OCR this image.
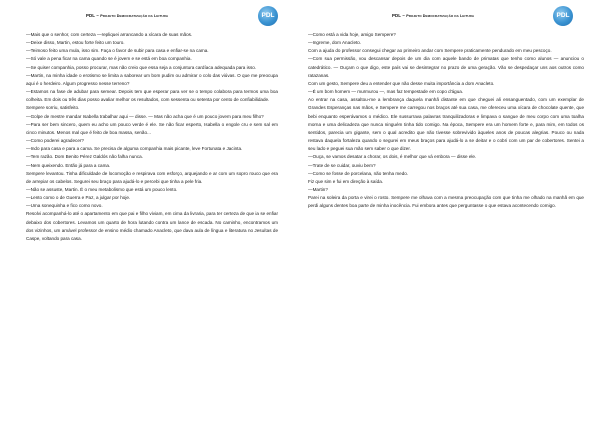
PDL – Projeto Democratização da Leitura	PDL

—Mais que o senhor, com certeza —repliquei arrancando a xícara de suas mãos.

—Deixe disso, Martin, estou forte feito um touro.

—Teimoso feito uma mula, isso sim. Faça o favor de subir para casa e enfiar-se na cama.

—Só vale a pena ficar na cama quando se é jovem e se está em boa companhia.

—Se quiser companhia, posso procurar, mas não creio que essa seja a conjuntura cardíaca adequada para isso.

—Martin, na minha idade o erotismo se limita a saborear um bom pudim ou admirar o colo das viúvas. O que me preocupa aqui é o herdeiro. Algum progresso nesse terreno?

—Estamos na fase de adubar para semear. Depois tem que esperar para ver se o tempo colabora para termos uma boa colheita. Em dois ou três dias posso avaliar melhor os resultados, com sessenta ou setenta por cento de confiabilidade.

Sempere sorriu, satisfeito.

—Golpe de mestre mandar Isabella trabalhar aqui — disse. — Mas não acha que é um pouco jovem para meu filho?

—Para ser bem sincero, quem eu acho um pouco verde é ele. Se não ficar esperto, Isabella o engole cru e sem sal em cinco minutos. Menos mal que é feito de boa massa, senão...

—Como poderei agradecer?

—Indo para casa e para a cama. Se precisa de alguma companhia mais picante, leve Fortunata e Jacinta.

—Tem razão. Dom Benito Pérez Galdós não falha nunca.

—Nem queixendo. Então já para a cama.

Sempere levantou. Tinha dificuldade de locomoção e respirava com esforço, arquejando e ar com um sopro rouco que era de arrepiar os cabelos. Segurei seu braço para ajudá-lo e percebi que tinha a pele fria.

—Não se assuste, Martin. É o meu metabolismo que está um pouco lento.

—Lento como o de Guerra e Paz, a julgar por hoje.

—Uma sonequinha e fico como novo.

Resolvi acompanhá-lo até o apartamento em que pai e filho viviam, em cima da livraria, para ter certeza de que ia se enfiar debaixo dos cobertores. Levamos um quarto de hora lutando contra um lance de escada. No caminho, encontramos um dos vizinhos, um amável professor de ensino médio chamado Anacleto, que dava aula de língua e literatura no Jesuítas de Caspe, voltando para casa.

PDL – Projeto Democratização da Leitura	PDL

—Como está a vida hoje, amigo Sempere?

—Ingreme, dom Anacleto.

Com a ajuda do professor consegui chegar ao primeiro andar com Sempere praticamente pendurado em meu pescoço.

—Com sua permissão, vou descansar depois de um dia com aquele bando de primatas que tenho como alunos — anunciou o catedrático. — Ouçam o que digo, este país vai se desintegrar no prazo de uma geração. Vão se despedaçar uns aos outros como ratazanas.

Com um gesto, Sempere deu a entender que não desse muita importância a dom Anacleto.

—É um bom homem — murmurou —, mas faz tempestade em copo d'água.

Ao entrar na casa, assaltou-me a lembrança daquela manhã distante em que cheguei ali ensanguentado, com um exemplar de Grandes Esperanças nas mãos, e Sempere me carregou nos braços até sua casa, me ofereceu uma xícara de chocolate quente, que bebi enquanto esperávamos o médico. Ele sussurrava palavras tranquilizadoras e limpava o sangue de meu corpo com uma toalha morna e uma delicadeza que nunca ninguém tinha tido comigo. Na época, Sempere era um homem forte e, para mim, em todos os sentidos, parecia um gigante, sem o qual acredito que não tivesse sobrevivido àqueles anos de poucas alegrias. Pouco ou nada restava daquela fortaleza quando o segurei em meus braços para ajudá-lo a se deitar e o cobri com um par de cobertores. Sentei a seu lado e peguei sua mão sem saber o que dizer.

—Ouça, se vamos desatar a chorar, os dois, é melhor que vá embora — disse ele.

—Trate de se cuidar, ouviu bem?

—Como se fosse de porcelana, não tenha medo.

Fiz que sim e fui em direção à saída.

—Martin?

Parei na soleira da porta e virei o rosto. Sempere me olhava com a mesma preocupação com que tinha me olhado na manhã em que perdi alguns dentes boa parte de minha inocência. Fui embora antes que perguntasse o que estava acontecendo comigo.
